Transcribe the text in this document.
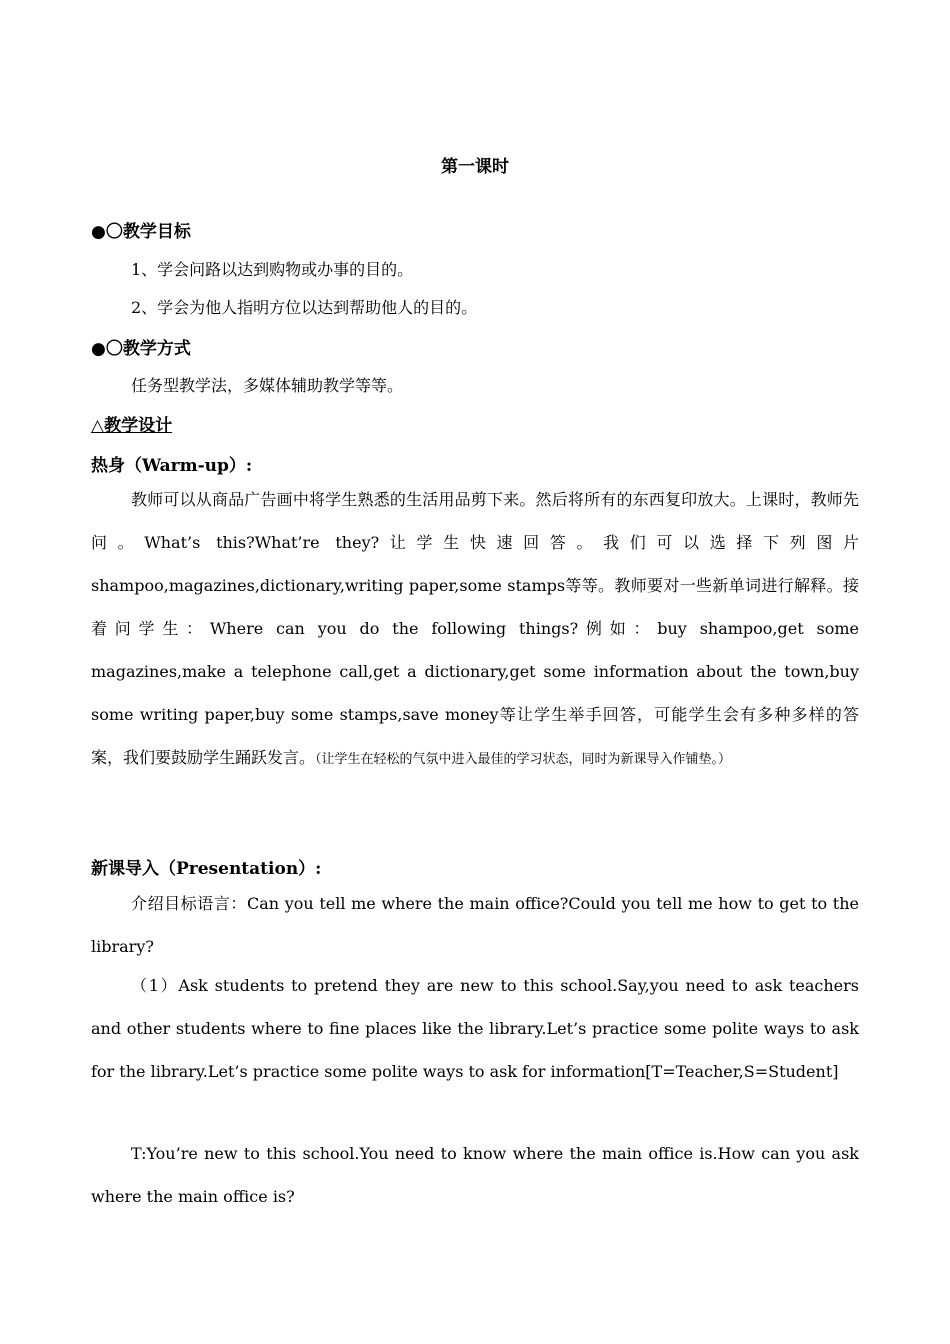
第一课时
●〇教学目标
1、学会问路以达到购物或办事的目的。
2、学会为他人指明方位以达到帮助他人的目的。
●〇教学方式
任务型教学法，多媒体辅助教学等等。
△教学设计
热身（Warm-up）:
教师可以从商品广告画中将学生熟悉的生活用品剪下来。然后将所有的东西复印放大。上课时，教师先问。What’s this?What’re they?让学生快速回答。我们可以选择下列图片shampoo,magazines,dictionary,writing paper,some stamps等等。教师要对一些新单词进行解释。接着问学生：Where can you do the following things?例如：buy shampoo,get some magazines,make a telephone call,get a dictionary,get some information about the town,buy some writing paper,buy some stamps,save money等让学生举手回答，可能学生会有多种多样的答案，我们要鼓励学生踊跃发言。（让学生在轻松的气氛中进入最佳的学习状态，同时为新课导入作铺垫。）
新课导入（Presentation）:
介绍目标语言：Can you tell me where the main office?Could you tell me how to get to the library?
（1）Ask students to pretend they are new to this school.Say,you need to ask teachers and other students where to fine places like the library.Let’s practice some polite ways to ask for the library.Let’s practice some polite ways to ask for information[T=Teacher,S=Student]
T:You’re new to this school.You need to know where the main office is.How can you ask where the main office is?
